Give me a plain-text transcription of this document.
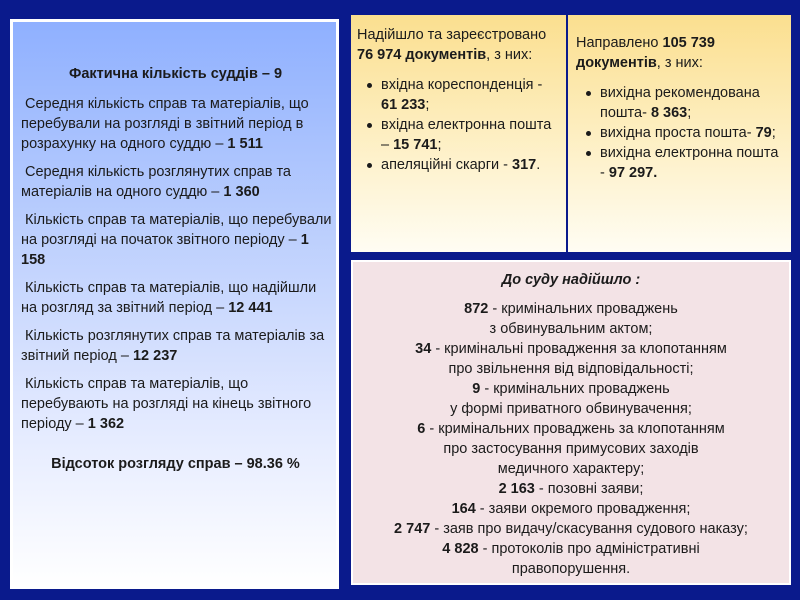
Фактична кількість суддів – 9
Середня кількість справ та матеріалів, що перебували на розгляді в звітний період в розрахунку на одного суддю – 1 511
Середня кількість розглянутих справ та матеріалів на одного суддю – 1 360
Кількість справ та матеріалів, що перебували на розгляді на початок звітного періоду – 1 158
Кількість справ та матеріалів, що надійшли на розгляд за звітний період – 12 441
Кількість розглянутих справ та матеріалів за звітний період – 12 237
Кількість справ та матеріалів, що перебувають на розгляді на кінець звітного періоду – 1 362
Відсоток розгляду справ – 98.36 %
Надійшло та зареєстровано 76 974 документів, з них:
вхідна кореспонденція - 61 233;
вхідна електронна пошта – 15 741;
апеляційні скарги - 317.
Направлено 105 739 документів, з них:
вихідна рекомендована пошта- 8 363;
вихідна проста пошта- 79;
вихідна електронна пошта - 97 297.
До суду надійшло :
872 - кримінальних проваджень
з обвинувальним актом;
34 - кримінальні провадження за клопотанням
про звільнення від відповідальності;
9 - кримінальних проваджень
у формі приватного обвинувачення;
6 - кримінальних проваджень за клопотанням
про застосування примусових заходів
медичного характеру;
2 163 - позовні заяви;
164 - заяви окремого провадження;
2 747 - заяв про видачу/скасування судового наказу;
4 828 - протоколів про адміністративні
правопорушення.
